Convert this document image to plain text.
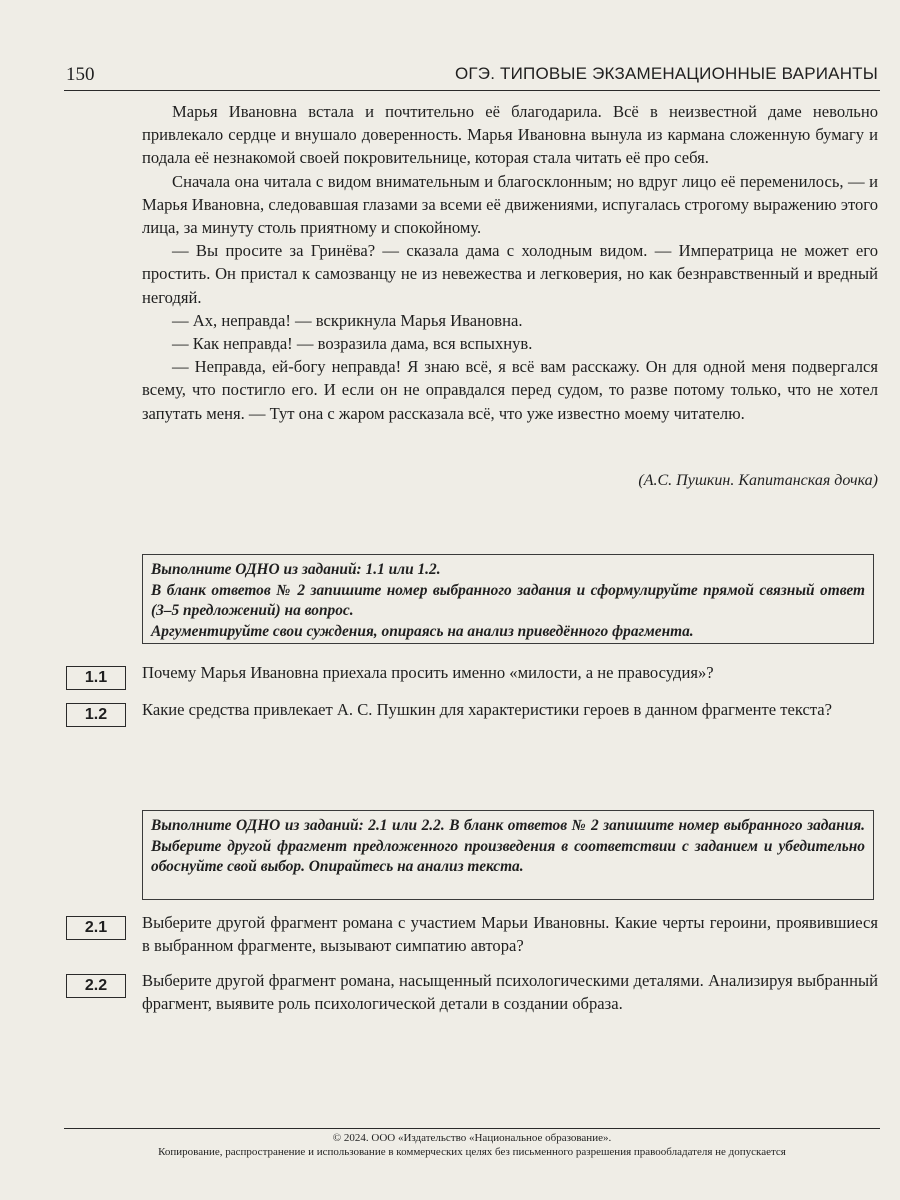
150	ОГЭ. ТИПОВЫЕ ЭКЗАМЕНАЦИОННЫЕ ВАРИАНТЫ

Марья Ивановна встала и почтительно её благодарила. Всё в неизвестной даме невольно привлекало сердце и внушало доверенность. Марья Ивановна вынула из кармана сложенную бумагу и подала её незнакомой своей покровительнице, которая стала читать её про себя.

Сначала она читала с видом внимательным и благосклонным; но вдруг лицо её переменилось, — и Марья Ивановна, следовавшая глазами за всеми её движениями, испугалась строгому выражению этого лица, за минуту столь приятному и спокойному.

— Вы просите за Гринёва? — сказала дама с холодным видом. — Императрица не может его простить. Он пристал к самозванцу не из невежества и легковерия, но как безнравственный и вредный негодяй.

— Ах, неправда! — вскрикнула Марья Ивановна.

— Как неправда! — возразила дама, вся вспыхнув.

— Неправда, ей-богу неправда! Я знаю всё, я всё вам расскажу. Он для одной меня подвергался всему, что постигло его. И если он не оправдался перед судом, то разве потому только, что не хотел запутать меня. — Тут она с жаром рассказала всё, что уже известно моему читателю.

(А.С. Пушкин. Капитанская дочка)

Выполните ОДНО из заданий: 1.1 или 1.2.

В бланк ответов № 2 запишите номер выбранного задания и сформулируйте прямой связный ответ (3–5 предложений) на вопрос.

Аргументируйте свои суждения, опираясь на анализ приведённого фрагмента.

1.1	Почему Марья Ивановна приехала просить именно «милости, а не правосудия»?
1.2	Какие средства привлекает А. С. Пушкин для характеристики героев в данном фрагменте текста?

Выполните ОДНО из заданий: 2.1 или 2.2. В бланк ответов № 2 запишите номер выбранного задания. Выберите другой фрагмент предложенного произведения в соответствии с заданием и убедительно обоснуйте свой выбор. Опирайтесь на анализ текста.

2.1	Выберите другой фрагмент романа с участием Марьи Ивановны. Какие черты героини, проявившиеся в выбранном фрагменте, вызывают симпатию автора?
2.2	Выберите другой фрагмент романа, насыщенный психологическими деталями. Анализируя выбранный фрагмент, выявите роль психологической детали в создании образа.
© 2024. ООО «Издательство «Национальное образование».
Копирование, распространение и использование в коммерческих целях без письменного разрешения правообладателя не допускается
